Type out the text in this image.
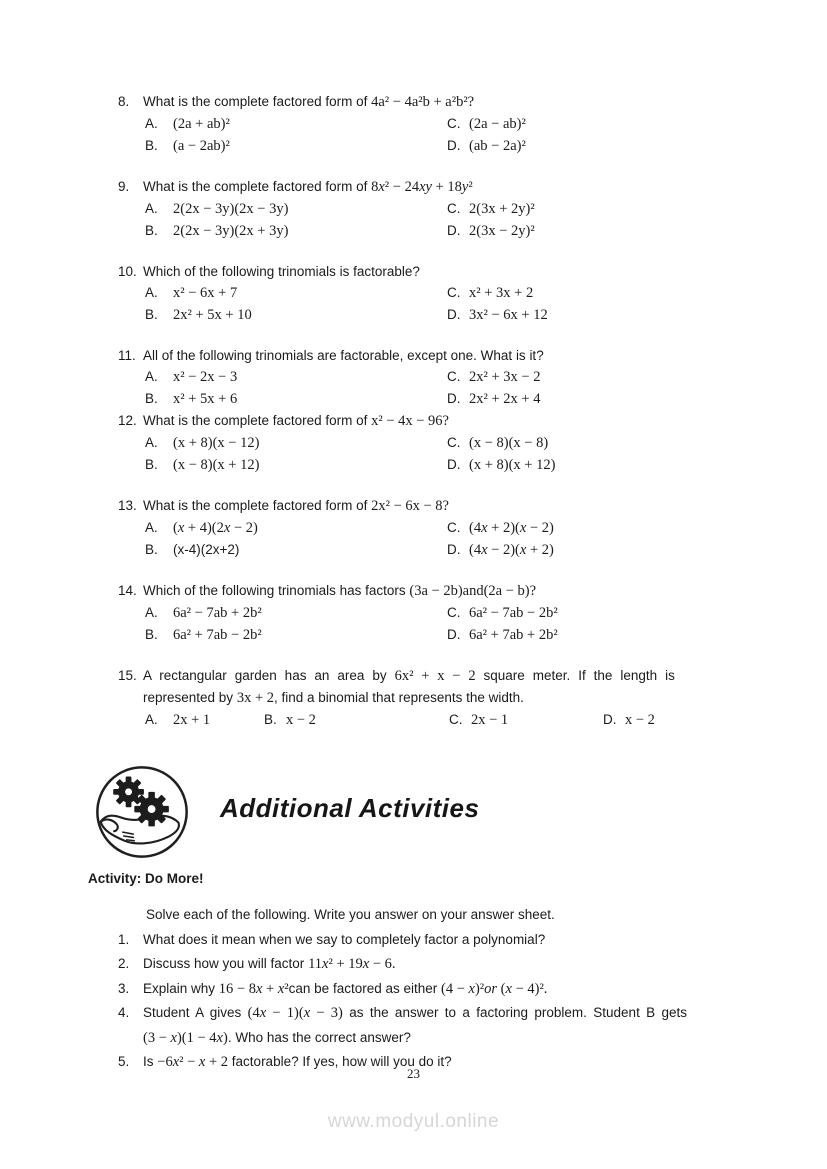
8.	What is the complete factored form of 4a² − 4a²b + a²b²?
A.	(2a + ab)²	C. (2a − ab)²
B.	(a − 2ab)²	D. (ab − 2a)²
9.	What is the complete factored form of 8x² − 24xy + 18y²
A.	2(2x − 3y)(2x − 3y)	C. 2(3x + 2y)²
B.	2(2x − 3y)(2x + 3y)	D. 2(3x − 2y)²
10. Which of the following trinomials is factorable?
A.	x² − 6x + 7	C. x² + 3x + 2
B.	2x² + 5x + 10	D. 3x² − 6x + 12
11. All of the following trinomials are factorable, except one. What is it?
A.	x² − 2x − 3	C. 2x² + 3x − 2
B.	x² + 5x + 6	D. 2x² + 2x + 4
12. What is the complete factored form of x² − 4x − 96?
A.	(x + 8)(x − 12)	C. (x − 8)(x − 8)
B.	(x − 8)(x + 12)	D. (x + 8)(x + 12)
13. What is the complete factored form of 2x² − 6x − 8?
A.	(x + 4)(2x − 2)	C. (4x + 2)(x − 2)
B.	(x-4)(2x+2)	D. (4x − 2)(x + 2)
14. Which of the following trinomials has factors (3a − 2b)and(2a − b)?
A.	6a² − 7ab + 2b²	C. 6a² − 7ab − 2b²
B.	6a² + 7ab − 2b²	D. 6a² + 7ab + 2b²
15. A rectangular garden has an area by 6x² + x − 2 square meter. If the length is
represented by 3x + 2, find a binomial that represents the width.
A.	2x + 1	B. x − 2	C. 2x − 1	D. x − 2
Additional Activities
Activity: Do More!
Solve each of the following. Write you answer on your answer sheet.
1.	What does it mean when we say to completely factor a polynomial?
2.	Discuss how you will factor 11x² + 19x − 6.
3.	Explain why 16 − 8x + x²can be factored as either (4 − x)²or (x − 4)².
4.	Student A gives (4x − 1)(x − 3) as the answer to a factoring problem. Student B gets
(3 − x)(1 − 4x). Who has the correct answer?
5.	Is −6x² − x + 2 factorable? If yes, how will you do it?
23
www.modyul.online
